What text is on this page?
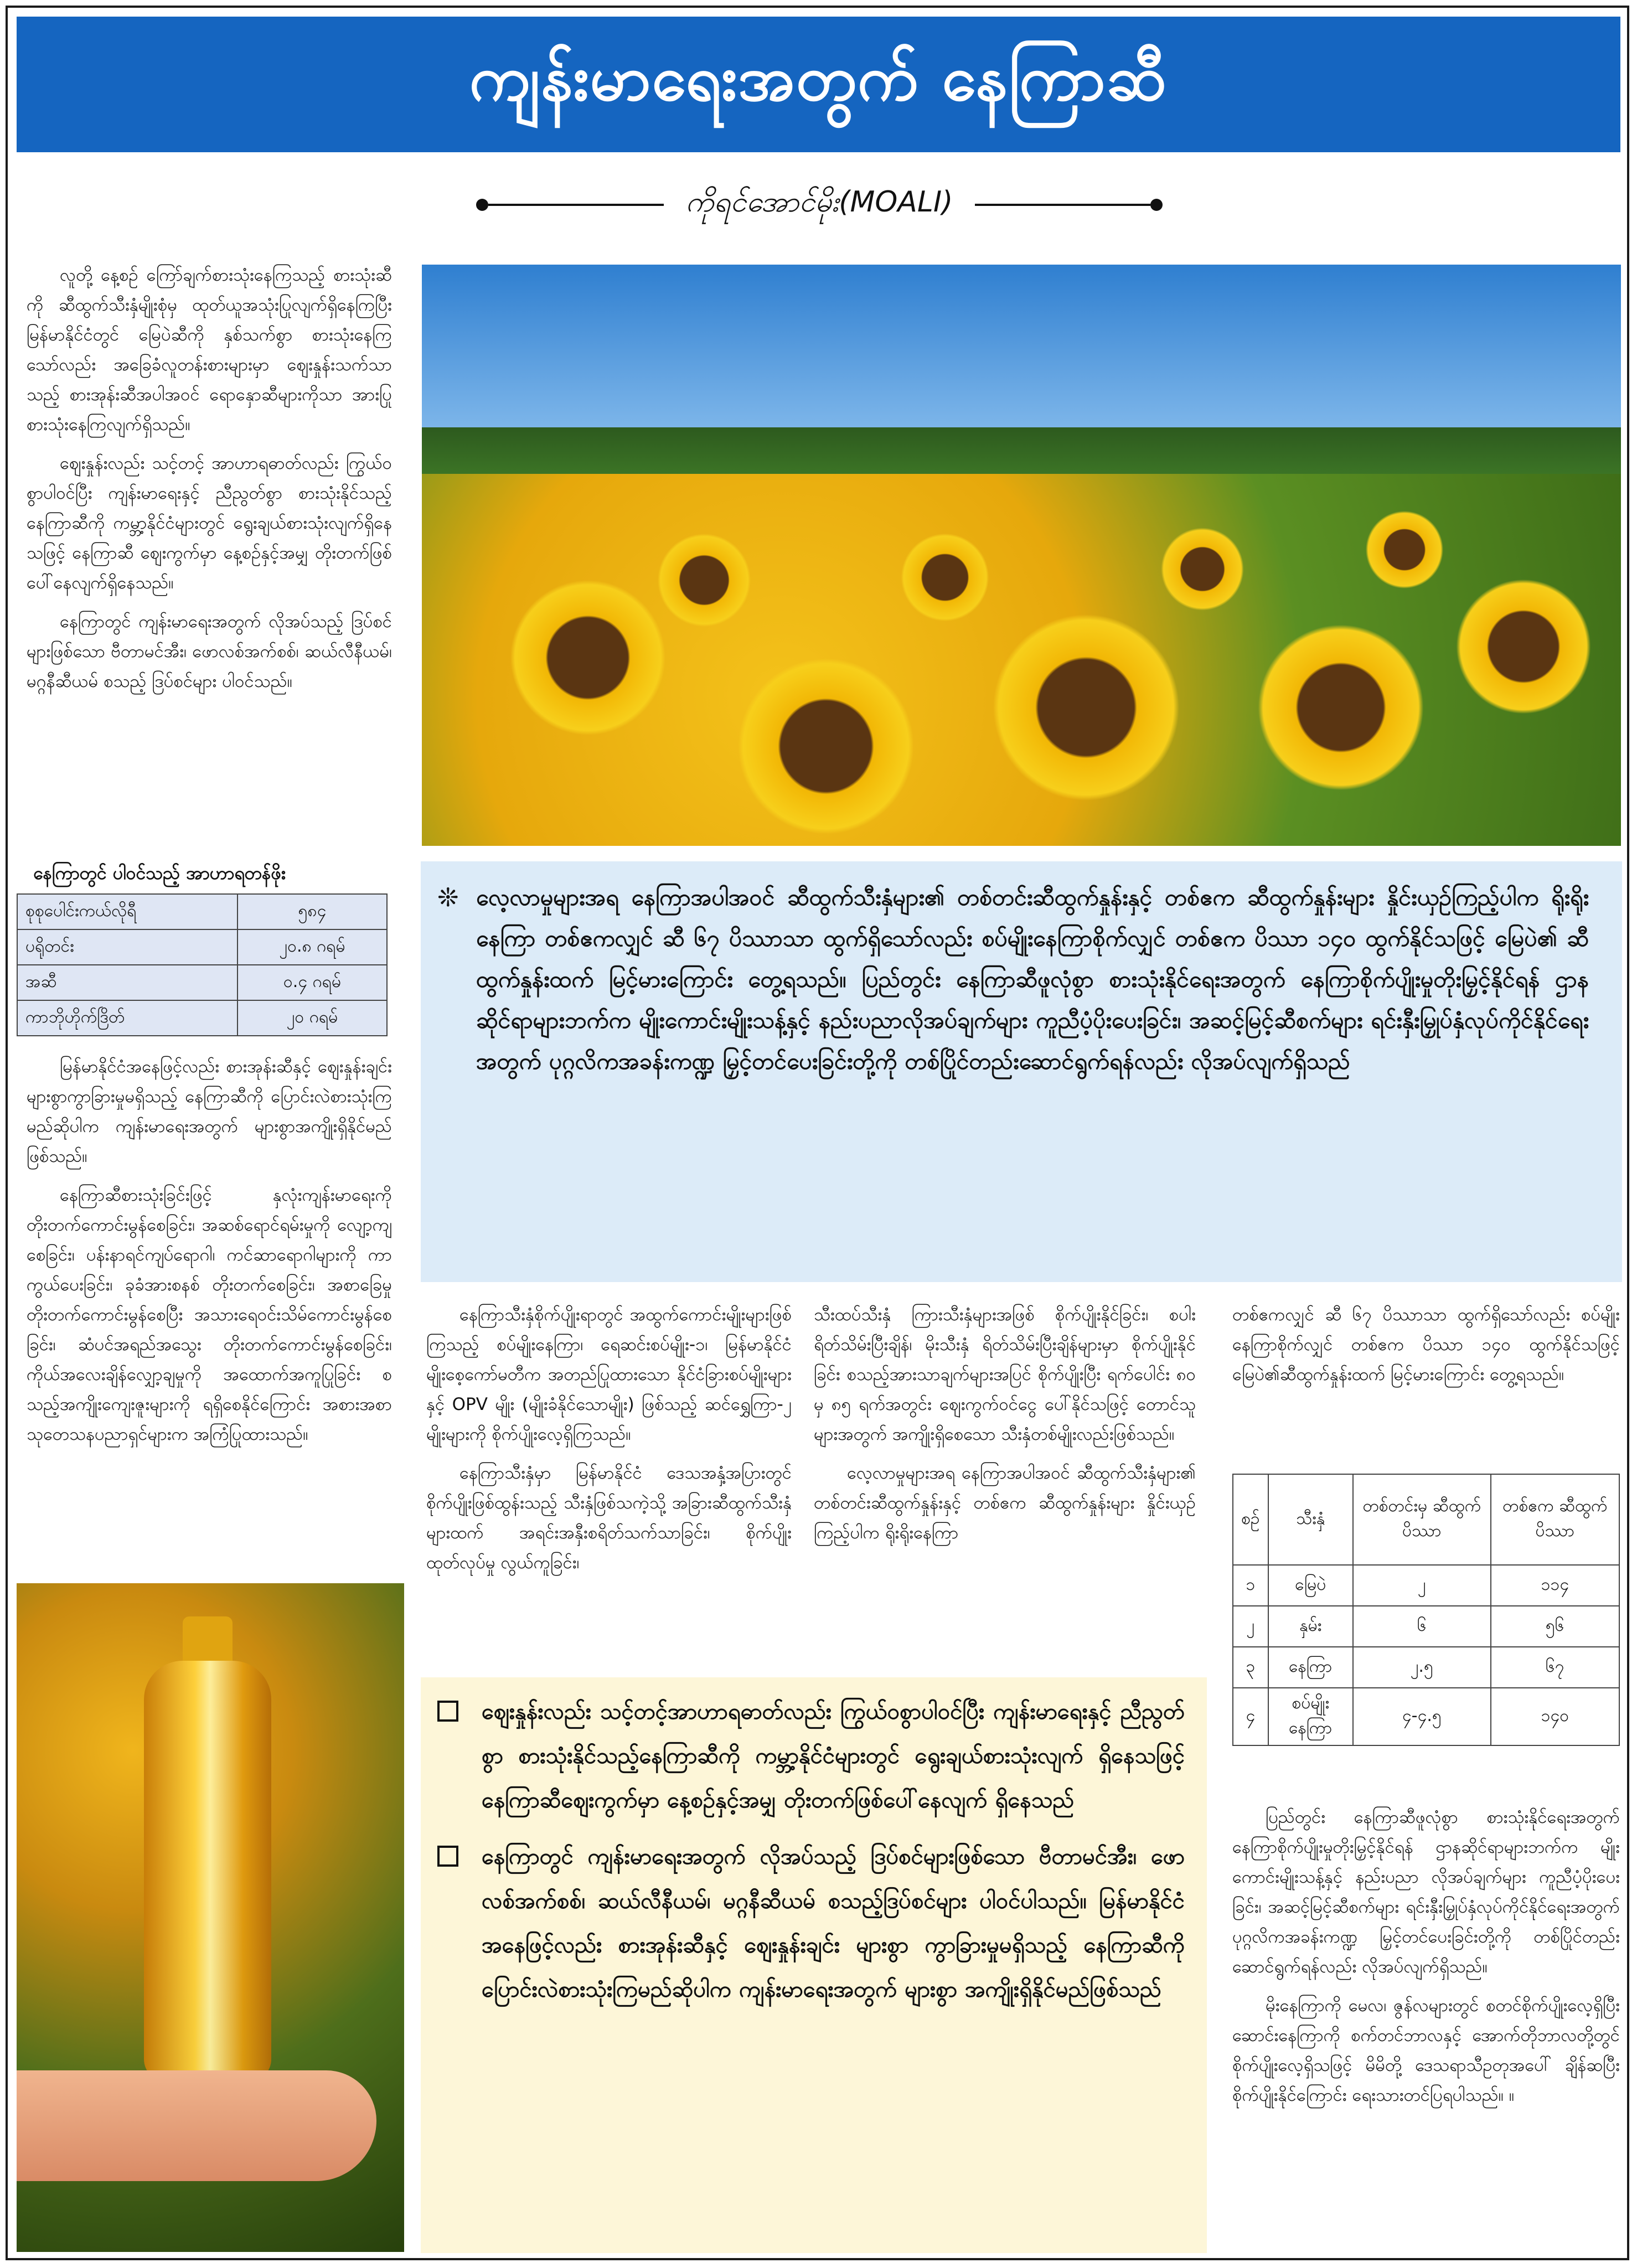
ကျန်းမာရေးအတွက် နေကြာဆီ
ကိုရင်အောင်မိုး(MOALI)

လူတို့ နေ့စဉ် ကြော်ချက်စားသုံးနေကြသည့် စားသုံးဆီကို ဆီထွက်သီးနှံမျိုးစုံမှ ထုတ်ယူအသုံးပြုလျက်ရှိနေကြပြီး မြန်မာနိုင်ငံတွင် မြေပဲဆီကို နှစ်သက်စွာ စားသုံးနေကြသော်လည်း အခြေခံလူတန်းစားများမှာ ဈေးနှုန်းသက်သာသည့် စားအုန်းဆီအပါအဝင် ရောနှောဆီများကိုသာ အားပြုစားသုံးနေကြလျက်ရှိသည်။

ဈေးနှုန်းလည်း သင့်တင့် အာဟာရဓာတ်လည်း ကြွယ်ဝစွာပါဝင်ပြီး ကျန်းမာရေးနှင့် ညီညွတ်စွာ စားသုံးနိုင်သည့်နေကြာဆီကို ကမ္ဘာ့နိုင်ငံများတွင် ရွေးချယ်စားသုံးလျက်ရှိနေသဖြင့် နေကြာဆီ ဈေးကွက်မှာ နေ့စဉ်နှင့်အမျှ တိုးတက်ဖြစ်ပေါ်နေလျက်ရှိနေသည်။

နေကြာတွင် ကျန်းမာရေးအတွက် လိုအပ်သည့် ဒြပ်စင်များဖြစ်သော ဗီတာမင်အီး၊ ဖောလစ်အက်စစ်၊ ဆယ်လီနီယမ်၊ မဂ္ဂနီဆီယမ် စသည့် ဒြပ်စင်များ ပါဝင်သည်။

နေကြာတွင် ပါဝင်သည့် အာဟာရတန်ဖိုး
စုစုပေါင်းကယ်လိုရီ	၅၈၄
ပရိုတင်း	၂၀.၈ ဂရမ်
အဆီ	၀.၄ ဂရမ်
ကာဘိုဟိုက်ဒြိတ်	၂၀ ဂရမ်

မြန်မာနိုင်ငံအနေဖြင့်လည်း စားအုန်းဆီနှင့် ဈေးနှုန်းချင်း များစွာကွာခြားမှုမရှိသည့် နေကြာဆီကို ပြောင်းလဲစားသုံးကြမည်ဆိုပါက ကျန်းမာရေးအတွက် များစွာအကျိုးရှိနိုင်မည်ဖြစ်သည်။

နေကြာဆီစားသုံးခြင်းဖြင့် နှလုံးကျန်းမာရေးကို တိုးတက်ကောင်းမွန်စေခြင်း၊ အဆစ်ရောင်ရမ်းမှုကို လျော့ကျစေခြင်း၊ ပန်းနာရင်ကျပ်ရောဂါ၊ ကင်ဆာရောဂါများကို ကာကွယ်ပေးခြင်း၊ ခုခံအားစနစ် တိုးတက်စေခြင်း၊ အစာခြေမှု တိုးတက်ကောင်းမွန်စေပြီး အသားရေဝင်းသိမ်ကောင်းမွန်စေခြင်း၊ ဆံပင်အရည်အသွေး တိုးတက်ကောင်းမွန်စေခြင်း၊ ကိုယ်အလေးချိန်လျှော့ချမှုကို အထောက်အကူပြုခြင်း စသည့်အကျိုးကျေးဇူးများကို ရရှိစေနိုင်ကြောင်း အစားအစာသုတေသနပညာရှင်များက အကြံပြုထားသည်။

❊ လေ့လာမှုများအရ နေကြာအပါအဝင် ဆီထွက်သီးနှံများ၏ တစ်တင်းဆီထွက်နှုန်းနှင့် တစ်ဧက ဆီထွက်နှုန်းများ နှိုင်းယှဉ်ကြည့်ပါက ရိုးရိုးနေကြာ တစ်ဧကလျှင် ဆီ ၆၇ ပိဿာသာ ထွက်ရှိသော်လည်း စပ်မျိုးနေကြာစိုက်လျှင် တစ်ဧက ပိဿာ ၁၄၀ ထွက်နိုင်သဖြင့် မြေပဲ၏ ဆီထွက်နှုန်းထက် မြင့်မားကြောင်း တွေ့ရသည်။ ပြည်တွင်း နေကြာဆီဖူလုံစွာ စားသုံးနိုင်ရေးအတွက် နေကြာစိုက်ပျိုးမှုတိုးမြှင့်နိုင်ရန် ဌာနဆိုင်ရာများဘက်က မျိုးကောင်းမျိုးသန့်နှင့် နည်းပညာလိုအပ်ချက်များ ကူညီပံ့ပိုးပေးခြင်း၊ အဆင့်မြင့်ဆီစက်များ ရင်းနှီးမြှုပ်နှံလုပ်ကိုင်နိုင်ရေးအတွက် ပုဂ္ဂလိကအခန်းကဏ္ဍ မြှင့်တင်ပေးခြင်းတို့ကို တစ်ပြိုင်တည်းဆောင်ရွက်ရန်လည်း လိုအပ်လျက်ရှိသည်

နေကြာသီးနှံစိုက်ပျိုးရာတွင် အထွက်ကောင်းမျိုးများဖြစ်ကြသည့် စပ်မျိုးနေကြာ၊ ရေဆင်းစပ်မျိုး-၁၊ မြန်မာနိုင်ငံ မျိုးစေ့ကော်မတီက အတည်ပြုထားသော နိုင်ငံခြားစပ်မျိုးများနှင့် OPV မျိုး (မျိုးခံနိုင်သောမျိုး) ဖြစ်သည့် ဆင်ရွှေကြာ-၂ မျိုးများကို စိုက်ပျိုးလေ့ရှိကြသည်။

နေကြာသီးနှံမှာ မြန်မာနိုင်ငံ ဒေသအနှံ့အပြားတွင် စိုက်ပျိုးဖြစ်ထွန်းသည့် သီးနှံဖြစ်သကဲ့သို့ အခြားဆီထွက်သီးနှံများထက် အရင်းအနှီးစရိတ်သက်သာခြင်း၊ စိုက်ပျိုးထုတ်လုပ်မှု လွယ်ကူခြင်း၊

သီးထပ်သီးနှံ ကြားသီးနှံများအဖြစ် စိုက်ပျိုးနိုင်ခြင်း၊ စပါးရိတ်သိမ်းပြီးချိန်၊ မိုးသီးနှံ ရိတ်သိမ်းပြီးချိန်များမှာ စိုက်ပျိုးနိုင်ခြင်း စသည့်အားသာချက်များအပြင် စိုက်ပျိုးပြီး ရက်ပေါင်း ၈၀ မှ ၈၅ ရက်အတွင်း ဈေးကွက်ဝင်ငွေ ပေါ်နိုင်သဖြင့် တောင်သူများအတွက် အကျိုးရှိစေသော သီးနှံတစ်မျိုးလည်းဖြစ်သည်။

လေ့လာမှုများအရ နေကြာအပါအဝင် ဆီထွက်သီးနှံများ၏ တစ်တင်းဆီထွက်နှုန်းနှင့် တစ်ဧက ဆီထွက်နှုန်းများ နှိုင်းယှဉ်ကြည့်ပါက ရိုးရိုးနေကြာ

တစ်ဧကလျှင် ဆီ ၆၇ ပိဿာသာ ထွက်ရှိသော်လည်း စပ်မျိုးနေကြာစိုက်လျှင် တစ်ဧက ပိဿာ ၁၄၀ ထွက်နိုင်သဖြင့် မြေပဲ၏ဆီထွက်နှုန်းထက် မြင့်မားကြောင်း တွေ့ရသည်။

စဉ်	သီးနှံ	တစ်တင်းမှ ဆီထွက် ပိဿာ	တစ်ဧက ဆီထွက် ပိဿာ
၁	မြေပဲ	၂	၁၁၄
၂	နှမ်း	၆	၅၆
၃	နေကြာ	၂.၅	၆၇
၄	စပ်မျိုးနေကြာ	၄-၄.၅	၁၄၀

ပြည်တွင်း နေကြာဆီဖူလုံစွာ စားသုံးနိုင်ရေးအတွက် နေကြာစိုက်ပျိုးမှုတိုးမြှင့်နိုင်ရန် ဌာနဆိုင်ရာများဘက်က မျိုးကောင်းမျိုးသန့်နှင့် နည်းပညာ လိုအပ်ချက်များ ကူညီပံ့ပိုးပေးခြင်း၊ အဆင့်မြင့်ဆီစက်များ ရင်းနှီးမြှုပ်နှံလုပ်ကိုင်နိုင်ရေးအတွက် ပုဂ္ဂလိကအခန်းကဏ္ဍ မြှင့်တင်ပေးခြင်းတို့ကို တစ်ပြိုင်တည်းဆောင်ရွက်ရန်လည်း လိုအပ်လျက်ရှိသည်။

မိုးနေကြာကို မေလ၊ ဇွန်လများတွင် စတင်စိုက်ပျိုးလေ့ရှိပြီး ဆောင်းနေကြာကို စက်တင်ဘာလနှင့် အောက်တိုဘာလတို့တွင် စိုက်ပျိုးလေ့ရှိသဖြင့် မိမိတို့ ဒေသရာသီဥတုအပေါ် ချိန်ဆပြီး စိုက်ပျိုးနိုင်ကြောင်း ရေးသားတင်ပြရပါသည်။ ။

ဈေးနှုန်းလည်း သင့်တင့်အာဟာရဓာတ်လည်း ကြွယ်ဝစွာပါဝင်ပြီး ကျန်းမာရေးနှင့် ညီညွတ်စွာ စားသုံးနိုင်သည့်နေကြာဆီကို ကမ္ဘာ့နိုင်ငံများတွင် ရွေးချယ်စားသုံးလျက် ရှိနေသဖြင့် နေကြာဆီဈေးကွက်မှာ နေ့စဉ်နှင့်အမျှ တိုးတက်ဖြစ်ပေါ်နေလျက် ရှိနေသည်
နေကြာတွင် ကျန်းမာရေးအတွက် လိုအပ်သည့် ဒြပ်စင်များဖြစ်သော ဗီတာမင်အီး၊ ဖောလစ်အက်စစ်၊ ဆယ်လီနီယမ်၊ မဂ္ဂနီဆီယမ် စသည့်ဒြပ်စင်များ ပါဝင်ပါသည်။ မြန်မာနိုင်ငံအနေဖြင့်လည်း စားအုန်းဆီနှင့် ဈေးနှုန်းချင်း များစွာ ကွာခြားမှုမရှိသည့် နေကြာဆီကို ပြောင်းလဲစားသုံးကြမည်ဆိုပါက ကျန်းမာရေးအတွက် များစွာ အကျိုးရှိနိုင်မည်ဖြစ်သည်
